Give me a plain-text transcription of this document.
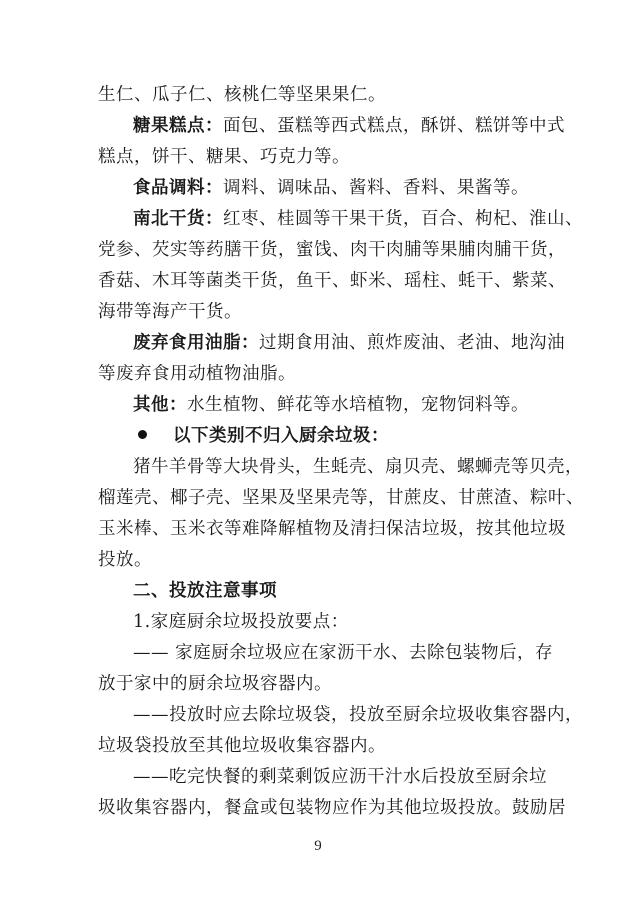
生仁、瓜子仁、核桃仁等坚果果仁。
糖果糕点：面包、蛋糕等西式糕点，酥饼、糕饼等中式
糕点，饼干、糖果、巧克力等。
食品调料：调料、调味品、酱料、香料、果酱等。
南北干货：红枣、桂圆等干果干货，百合、枸杞、淮山、
党参、芡实等药膳干货，蜜饯、肉干肉脯等果脯肉脯干货，
香菇、木耳等菌类干货，鱼干、虾米、瑶柱、蚝干、紫菜、
海带等海产干货。
废弃食用油脂：过期食用油、煎炸废油、老油、地沟油
等废弃食用动植物油脂。
其他：水生植物、鲜花等水培植物，宠物饲料等。
以下类别不归入厨余垃圾：
猪牛羊骨等大块骨头，生蚝壳、扇贝壳、螺蛳壳等贝壳，
榴莲壳、椰子壳、坚果及坚果壳等，甘蔗皮、甘蔗渣、粽叶、
玉米棒、玉米衣等难降解植物及清扫保洁垃圾，按其他垃圾
投放。
二、投放注意事项
1.家庭厨余垃圾投放要点：
—— 家庭厨余垃圾应在家沥干水、去除包装物后，存
放于家中的厨余垃圾容器内。
——投放时应去除垃圾袋，投放至厨余垃圾收集容器内，
垃圾袋投放至其他垃圾收集容器内。
——吃完快餐的剩菜剩饭应沥干汁水后投放至厨余垃
圾收集容器内，餐盒或包装物应作为其他垃圾投放。鼓励居
9
